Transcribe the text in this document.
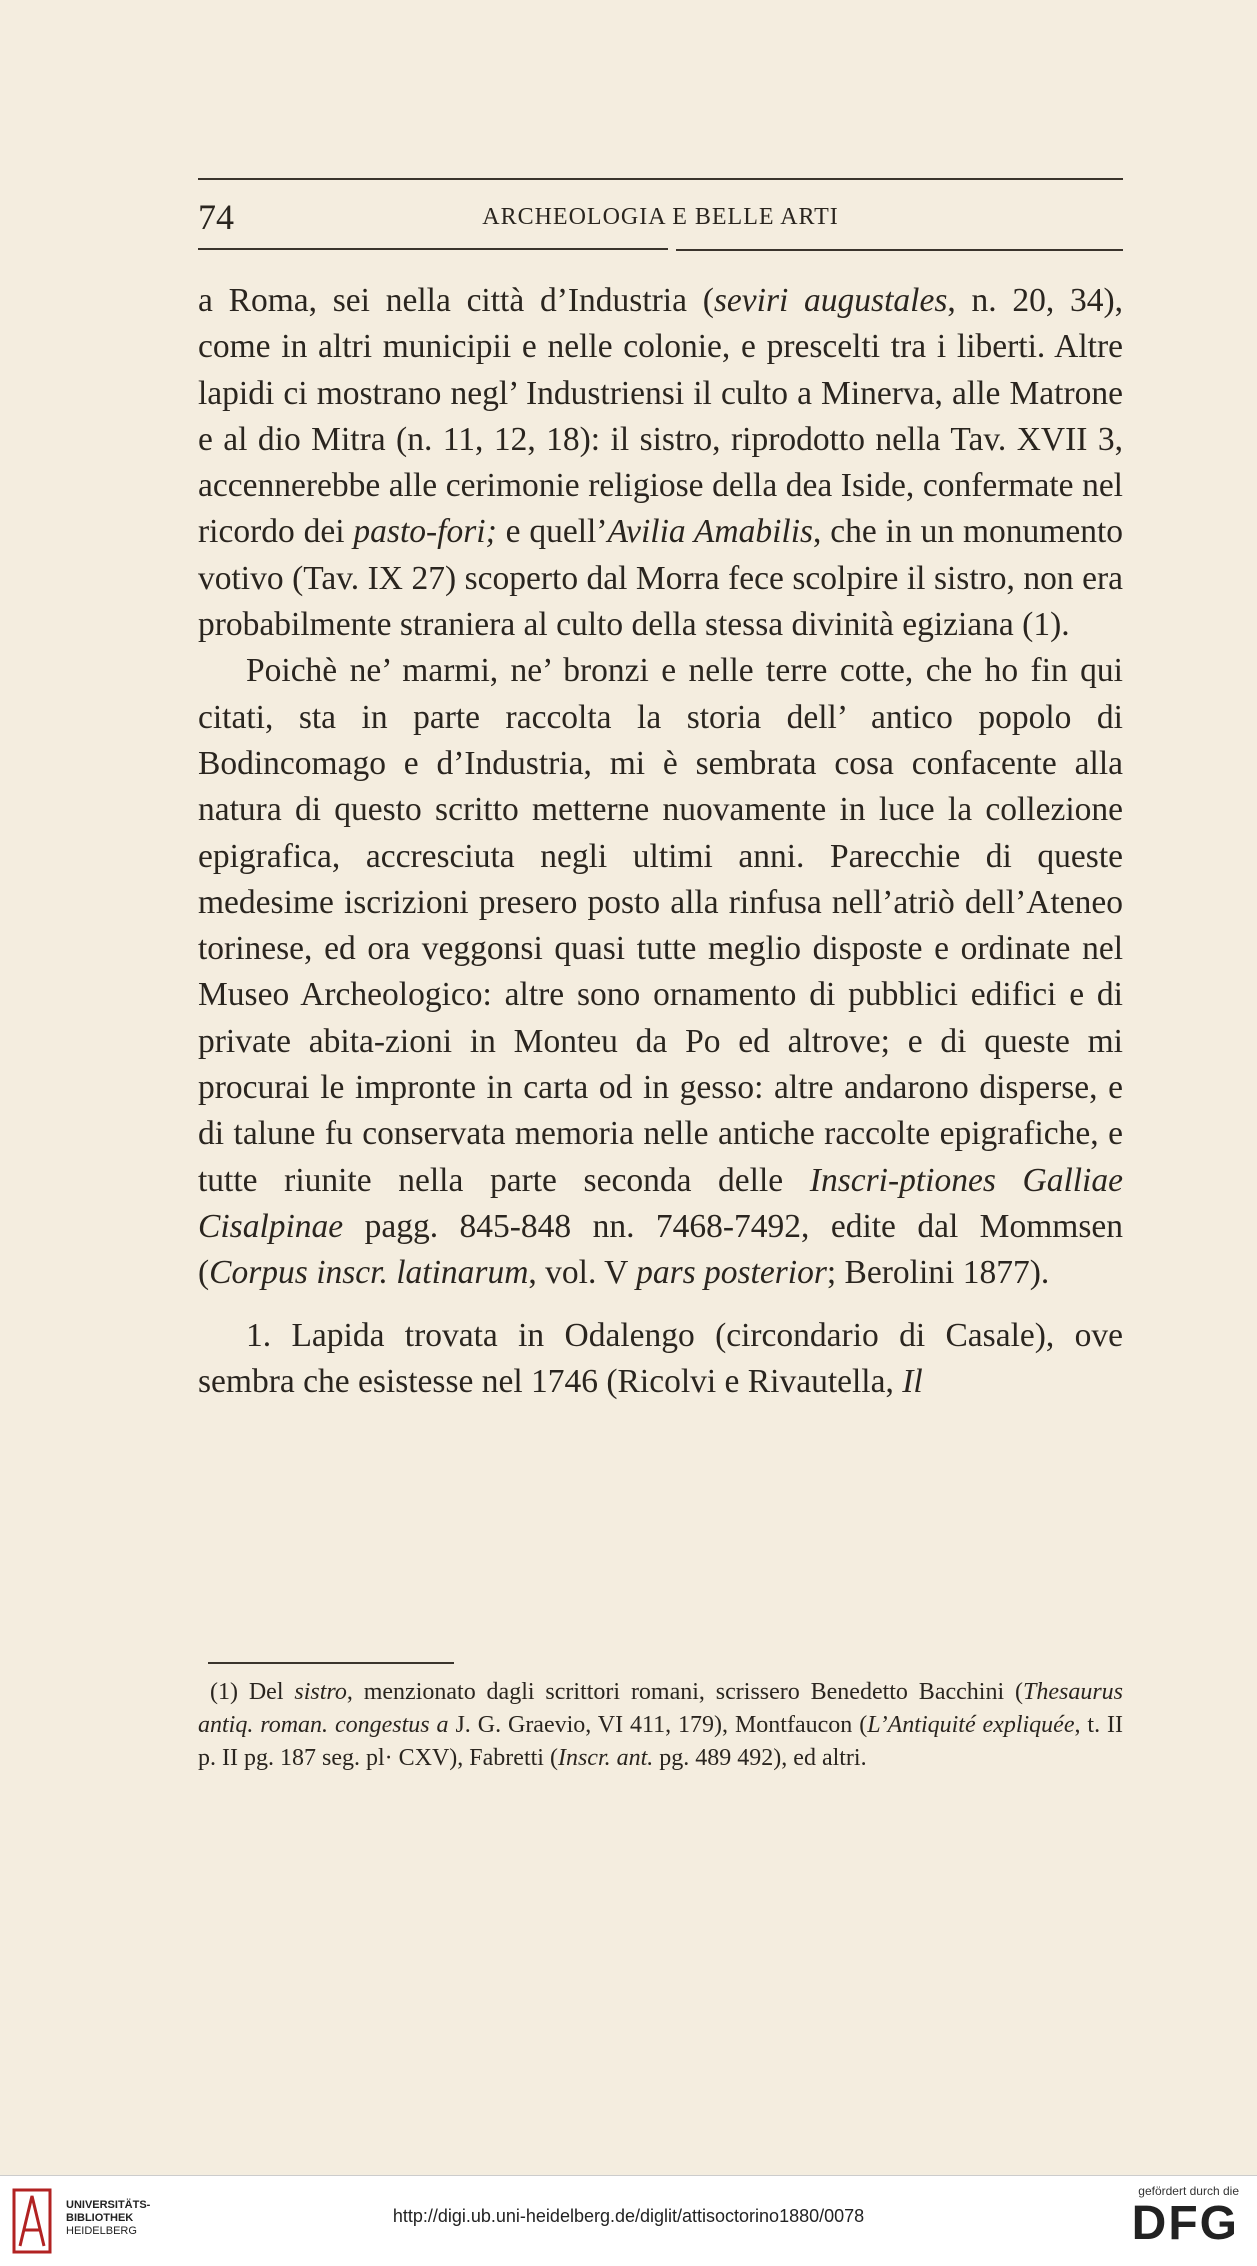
74	ARCHEOLOGIA E BELLE ARTI

a Roma, sei nella città d’Industria (seviri augustales, n. 20, 34), come in altri municipii e nelle colonie, e prescelti tra i liberti. Altre lapidi ci mostrano negl’ Industriensi il culto a Minerva, alle Matrone e al dio Mitra (n. 11, 12, 18): il sistro, riprodotto nella Tav. XVII 3, accennerebbe alle cerimonie religiose della dea Iside, confermate nel ricordo dei pasto-fori; e quell’Avilia Amabilis, che in un monumento votivo (Tav. IX 27) scoperto dal Morra fece scolpire il sistro, non era probabilmente straniera al culto della stessa divinità egiziana (1).

Poichè ne’ marmi, ne’ bronzi e nelle terre cotte, che ho fin qui citati, sta in parte raccolta la storia dell’ antico popolo di Bodincomago e d’Industria, mi è sembrata cosa confacente alla natura di questo scritto metterne nuovamente in luce la collezione epigrafica, accresciuta negli ultimi anni. Parecchie di queste medesime iscrizioni presero posto alla rinfusa nell’atriò dell’Ateneo torinese, ed ora veggonsi quasi tutte meglio disposte e ordinate nel Museo Archeologico: altre sono ornamento di pubblici edifici e di private abita-zioni in Monteu da Po ed altrove; e di queste mi procurai le impronte in carta od in gesso: altre andarono disperse, e di talune fu conservata memoria nelle antiche raccolte epigrafiche, e tutte riunite nella parte seconda delle Inscri-ptiones Galliae Cisalpinae pagg. 845-848 nn. 7468-7492, edite dal Mommsen (Corpus inscr. latinarum, vol. V pars posterior; Berolini 1877).

1. Lapida trovata in Odalengo (circondario di Casale), ove sembra che esistesse nel 1746 (Ricolvi e Rivautella, Il

(1) Del sistro, menzionato dagli scrittori romani, scrissero Benedetto Bacchini (Thesaurus antiq. roman. congestus a J. G. Graevio, VI 411, 179), Montfaucon (L’Antiquité expliquée, t. II p. II pg. 187 seg. pl· CXV), Fabretti (Inscr. ant. pg. 489 492), ed altri.

UNIVERSITÄTS-
BIBLIOTHEK
HEIDELBERG
http://digi.ub.uni-heidelberg.de/diglit/attisoctorino1880/0078
gefördert durch die
DFG
